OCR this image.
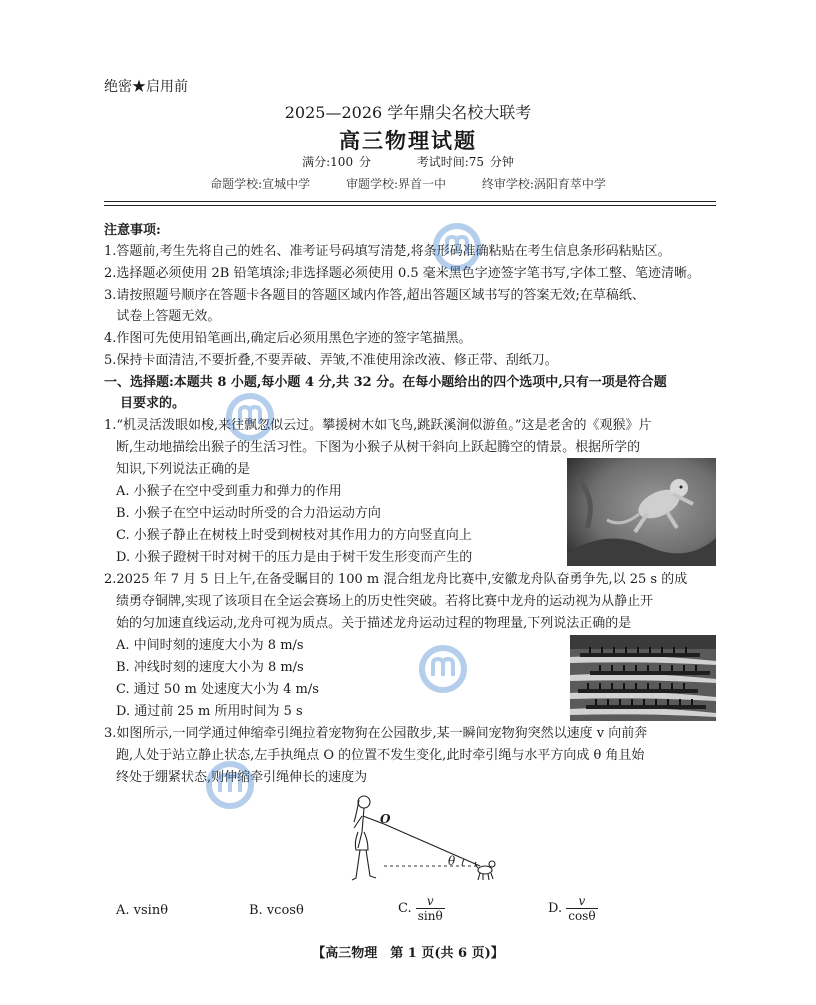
绝密★启用前
2025—2026 学年鼎尖名校大联考
高三物理试题
满分:100 分	考试时间:75 分钟
命题学校:宣城中学	审题学校:界首一中	终审学校:涡阳育萃中学
注意事项:
1.答题前,考生先将自己的姓名、准考证号码填写清楚,将条形码准确粘贴在考生信息条形码粘贴区。
2.选择题必须使用 2B 铅笔填涂;非选择题必须使用 0.5 毫米黑色字迹签字笔书写,字体工整、笔迹清晰。
3.请按照题号顺序在答题卡各题目的答题区域内作答,超出答题区域书写的答案无效;在草稿纸、
试卷上答题无效。
4.作图可先使用铅笔画出,确定后必须用黑色字迹的签字笔描黑。
5.保持卡面清洁,不要折叠,不要弄破、弄皱,不准使用涂改液、修正带、刮纸刀。
一、选择题:本题共 8 小题,每小题 4 分,共 32 分。在每小题给出的四个选项中,只有一项是符合题
目要求的。
1.“机灵活泼眼如梭,来往飘忽似云过。攀援树木如飞鸟,跳跃溪涧似游鱼。”这是老舍的《观猴》片
断,生动地描绘出猴子的生活习性。下图为小猴子从树干斜向上跃起腾空的情景。根据所学的
知识,下列说法正确的是
A. 小猴子在空中受到重力和弹力的作用
B. 小猴子在空中运动时所受的合力沿运动方向
C. 小猴子静止在树枝上时受到树枝对其作用力的方向竖直向上
D. 小猴子蹬树干时对树干的压力是由于树干发生形变而产生的
2.2025 年 7 月 5 日上午,在备受瞩目的 100 m 混合组龙舟比赛中,安徽龙舟队奋勇争先,以 25 s 的成
绩勇夺铜牌,实现了该项目在全运会赛场上的历史性突破。若将比赛中龙舟的运动视为从静止开
始的匀加速直线运动,龙舟可视为质点。关于描述龙舟运动过程的物理量,下列说法正确的是
A. 中间时刻的速度大小为 8 m/s
B. 冲线时刻的速度大小为 8 m/s
C. 通过 50 m 处速度大小为 4 m/s
D. 通过前 25 m 所用时间为 5 s
3.如图所示,一同学通过伸缩牵引绳拉着宠物狗在公园散步,某一瞬间宠物狗突然以速度 v 向前奔
跑,人处于站立静止状态,左手执绳点 O 的位置不发生变化,此时牵引绳与水平方向成 θ 角且始
终处于绷紧状态,则伸缩牵引绳伸长的速度为
O
θ
A. vsinθ	B. vcosθ	C. $\frac{v}{\sin\theta}$	D. $\frac{v}{\cos\theta}$
【高三物理　第 1 页(共 6 页)】
